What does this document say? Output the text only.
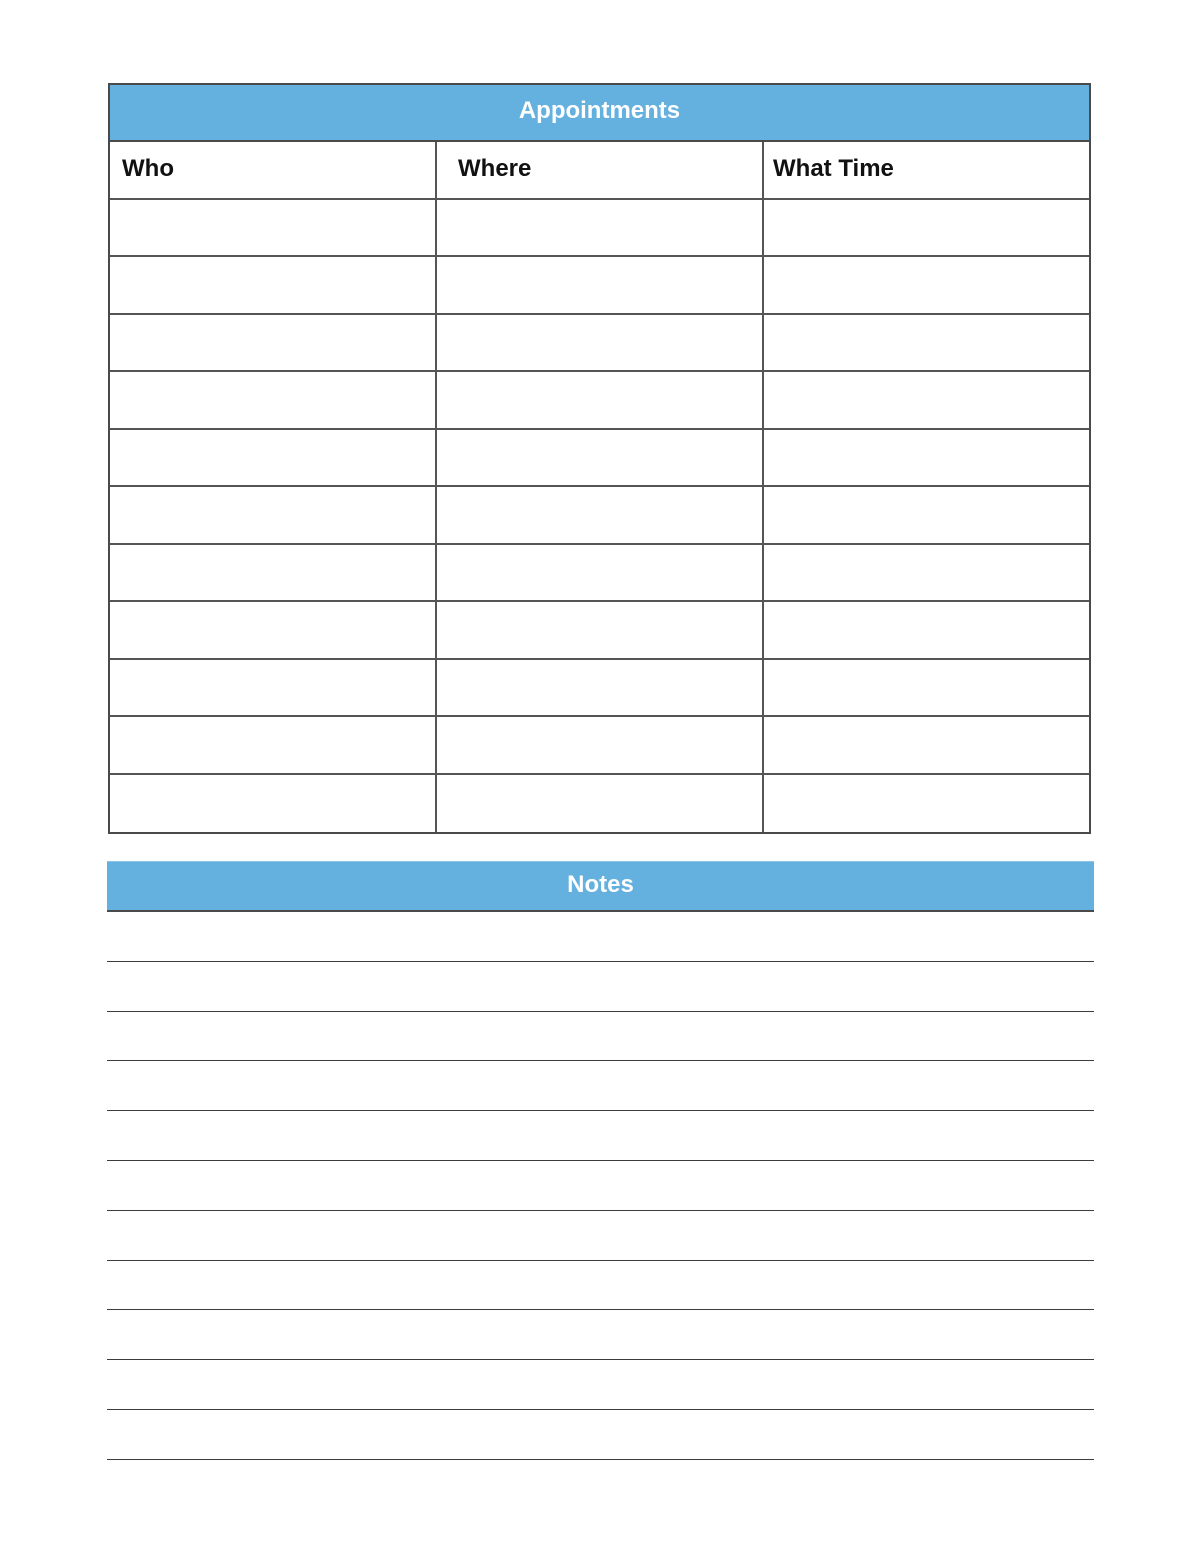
Appointments
Who	Where	What Time
Notes
